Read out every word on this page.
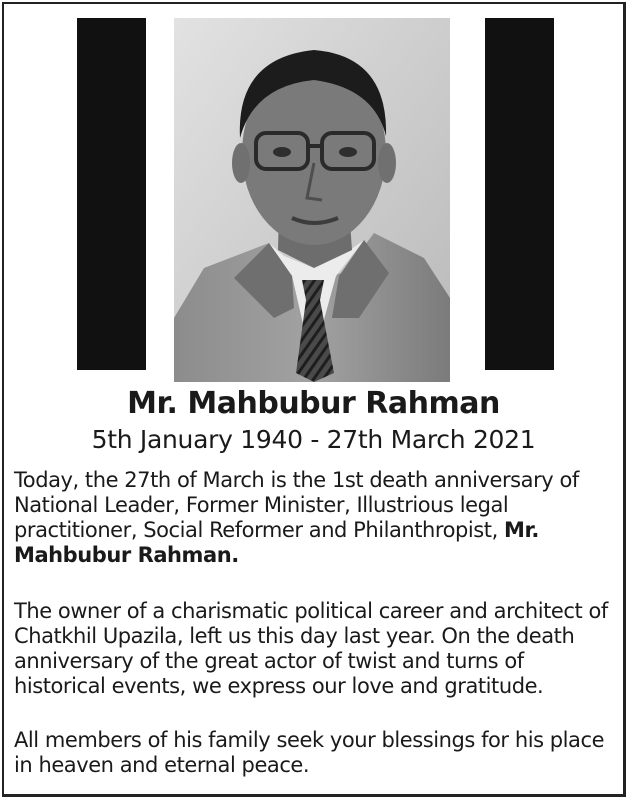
Mr. Mahbubur Rahman
5th January 1940 - 27th March 2021
Today, the 27th of March is the 1st death anniversary of National Leader, Former Minister, Illustrious legal practitioner, Social Reformer and Philanthropist, Mr. Mahbubur Rahman.
The owner of a charismatic political career and architect of Chatkhil Upazila, left us this day last year. On the death anniversary of the great actor of twist and turns of historical events, we express our love and gratitude.
All members of his family seek your blessings for his place in heaven and eternal peace.
